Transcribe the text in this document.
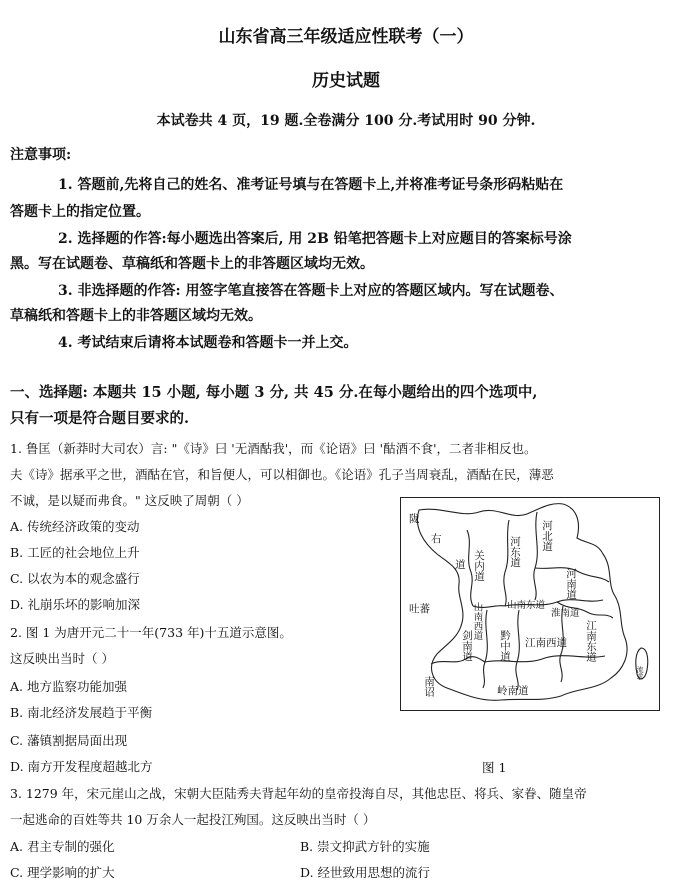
山东省高三年级适应性联考（一）
历史试题
本试卷共 4 页，19 题.全卷满分 100 分.考试用时 90 分钟.
注意事项:
1. 答题前,先将自己的姓名、准考证号填与在答题卡上,并将准考证号条形码粘贴在
答题卡上的指定位置。
2. 选择题的作答:每小题选出答案后, 用 2B 铅笔把答题卡上对应题目的答案标号涂
黑。写在试题卷、草稿纸和答题卡上的非答题区域均无效。
3. 非选择题的作答: 用签字笔直接答在答题卡上对应的答题区域内。写在试题卷、
草稿纸和答题卡上的非答题区域均无效。
4. 考试结束后请将本试题卷和答题卡一并上交。
一、选择题: 本题共 15 小题, 每小题 3 分, 共 45 分.在每小题给出的四个选项中,
只有一项是符合题目要求的.
1. 鲁匡（新莽时大司农）言: "《诗》曰 '无酒酤我'，而《论语》曰 '酤酒不食'，二者非相反也。
夫《诗》据承平之世，酒酤在官，和旨便人，可以相御也。《论语》孔子当周衰乱，酒酤在民，薄恶
不诚，是以疑而弗食。" 这反映了周朝（ ）
A. 传统经济政策的变动
B. 工匠的社会地位上升
C. 以农为本的观念盛行
D. 礼崩乐坏的影响加深
2. 图 1 为唐开元二十一年(733 年)十五道示意图。
这反映出当时（ ）
A. 地方监察功能加强
B. 南北经济发展趋于平衡
C. 藩镇割据局面出现
D. 南方开发程度超越北方
陇
右
道 关内道 河东道
河北道
河南道
吐蕃	山南西道	山南东道
淮南道
剑南道 黔中道 江南西道 江南东道
南诏	岭南道
流求
图 1
3. 1279 年，宋元崖山之战，宋朝大臣陆秀夫背起年幼的皇帝投海自尽，其他忠臣、将兵、家眷、随皇帝
一起逃命的百姓等共 10 万余人一起投江殉国。这反映出当时（ ）
A. 君主专制的强化	B. 崇文抑武方针的实施
C. 理学影响的扩大	D. 经世致用思想的流行
